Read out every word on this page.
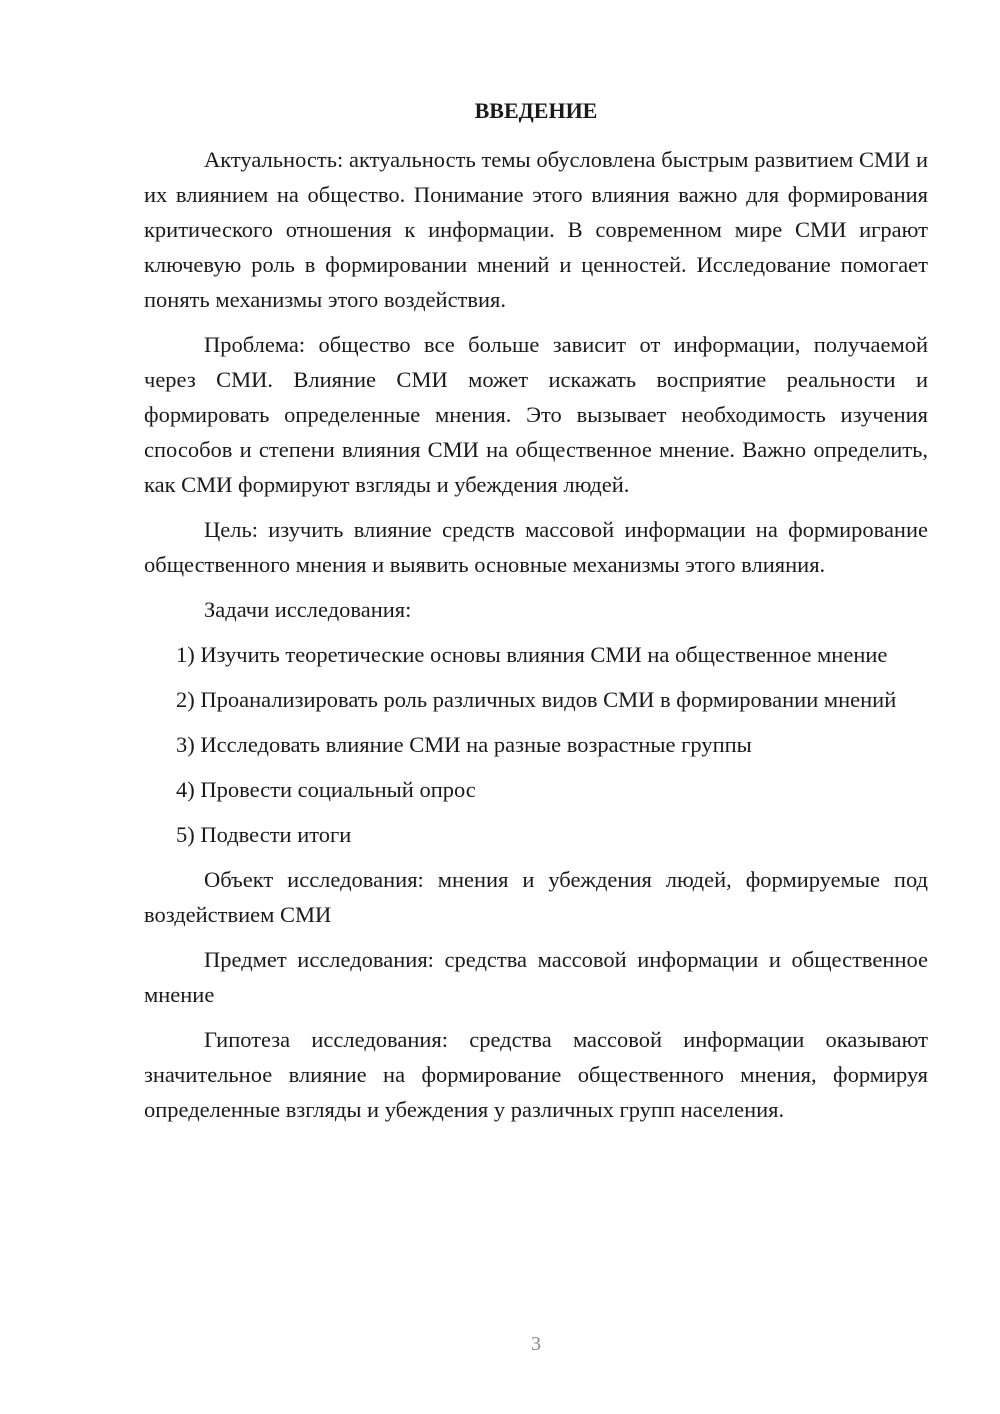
ВВЕДЕНИЕ

Актуальность: актуальность темы обусловлена быстрым развитием СМИ и их влиянием на общество. Понимание этого влияния важно для формирования критического отношения к информации. В современном мире СМИ играют ключевую роль в формировании мнений и ценностей. Исследование помогает понять механизмы этого воздействия.

Проблема: общество все больше зависит от информации, получаемой через СМИ. Влияние СМИ может искажать восприятие реальности и формировать определенные мнения. Это вызывает необходимость изучения способов и степени влияния СМИ на общественное мнение. Важно определить, как СМИ формируют взгляды и убеждения людей.

Цель: изучить влияние средств массовой информации на формирование общественного мнения и выявить основные механизмы этого влияния.

Задачи исследования:

1) Изучить теоретические основы влияния СМИ на общественное мнение

2) Проанализировать роль различных видов СМИ в формировании мнений

3) Исследовать влияние СМИ на разные возрастные группы

4) Провести социальный опрос

5) Подвести итоги

Объект исследования: мнения и убеждения людей, формируемые под воздействием СМИ

Предмет исследования: средства массовой информации и общественное мнение

Гипотеза исследования: средства массовой информации оказывают значительное влияние на формирование общественного мнения, формируя определенные взгляды и убеждения у различных групп населения.

3
